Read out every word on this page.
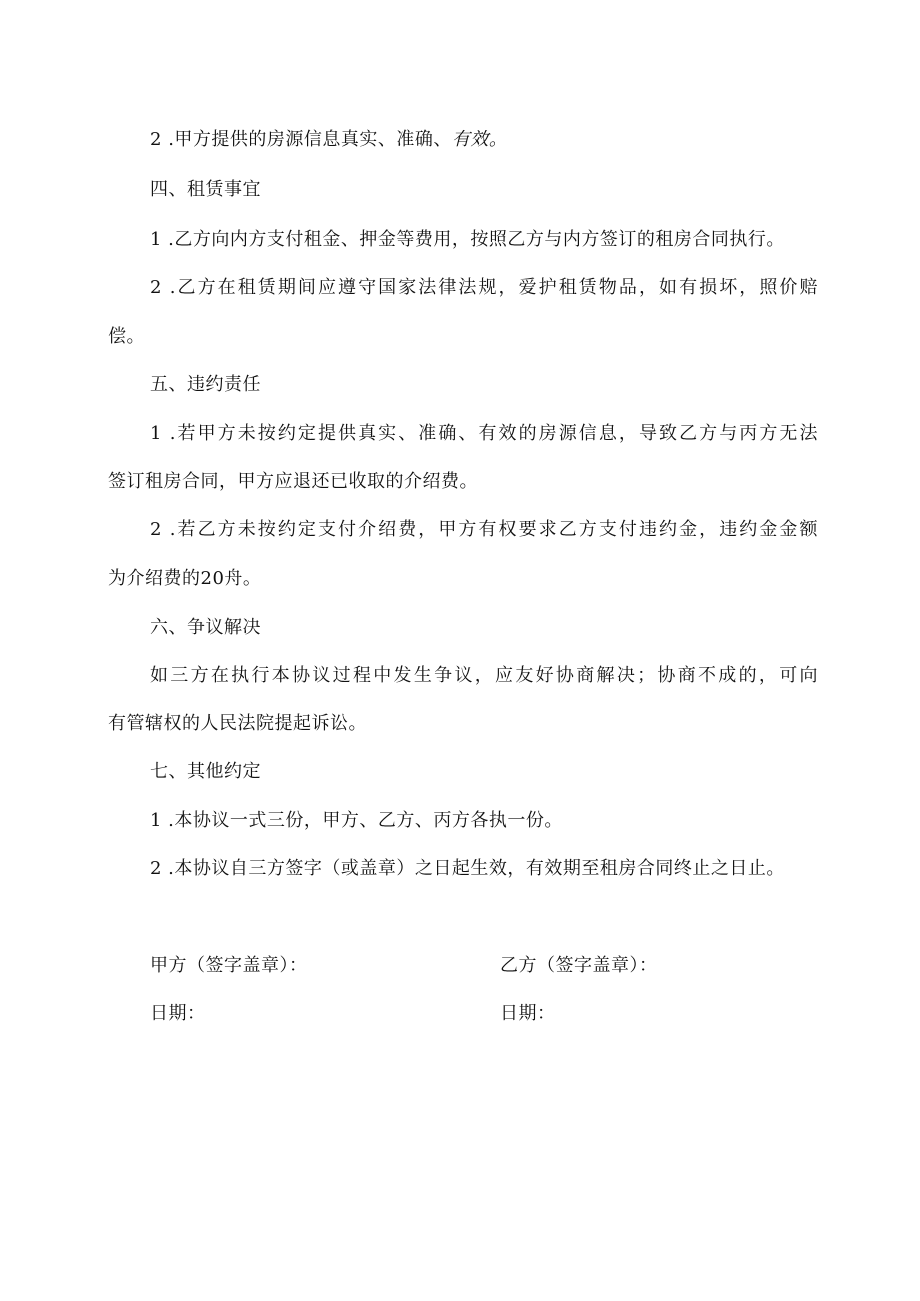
2 .甲方提供的房源信息真实、准确、有效。
四、租赁事宜
1 .乙方向内方支付租金、押金等费用，按照乙方与内方签订的租房合同执行。
2 .乙方在租赁期间应遵守国家法律法规，爱护租赁物品，如有损坏，照价赔
偿。
五、违约责任
1 .若甲方未按约定提供真实、准确、有效的房源信息，导致乙方与丙方无法
签订租房合同，甲方应退还已收取的介绍费。
2 .若乙方未按约定支付介绍费，甲方有权要求乙方支付违约金，违约金金额
为介绍费的20舟。
六、争议解决
如三方在执行本协议过程中发生争议，应友好协商解决；协商不成的，可向
有管辖权的人民法院提起诉讼。
七、其他约定
1 .本协议一式三份，甲方、乙方、丙方各执一份。
2 .本协议自三方签字（或盖章）之日起生效，有效期至租房合同终止之日止。
甲方（签字盖章）：	乙方（签字盖章）：
日期：	日期：
